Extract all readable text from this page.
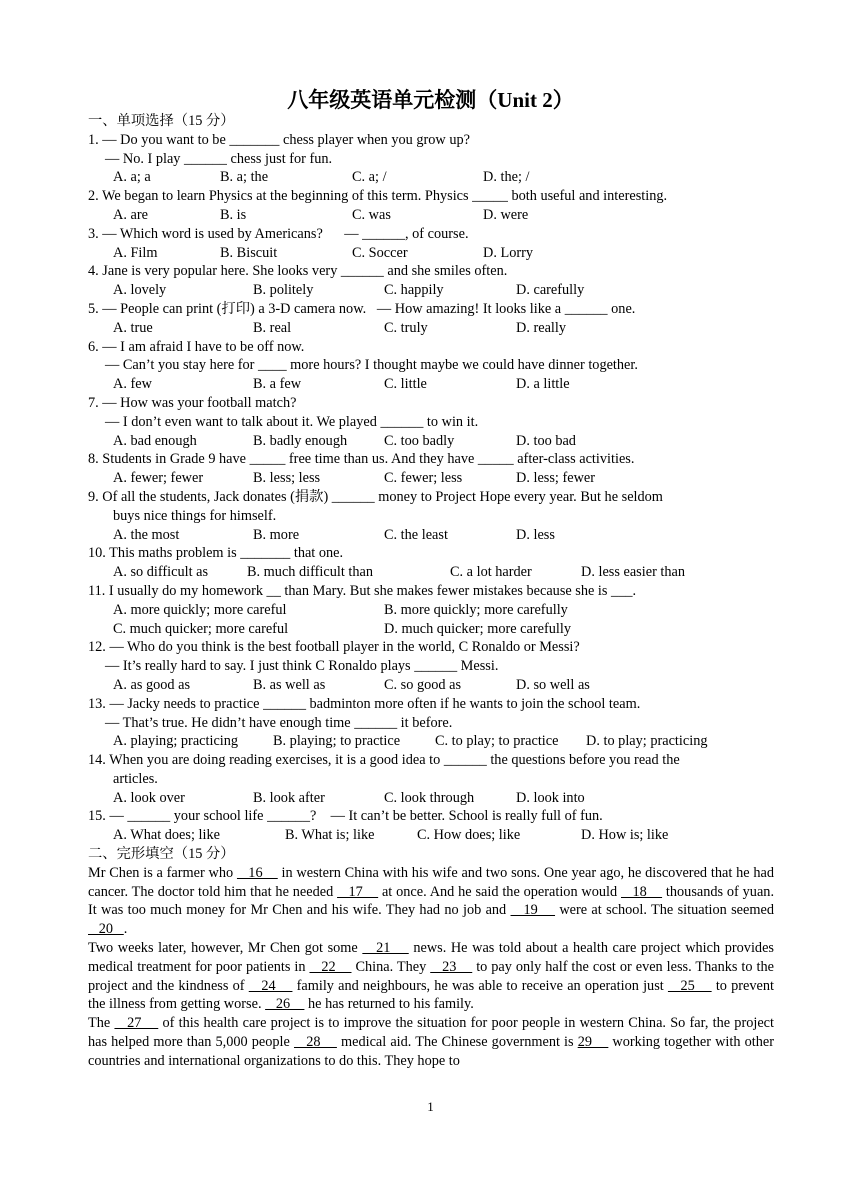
八年级英语单元检测（Unit 2）
一、单项选择（15 分）
1. — Do you want to be _______ chess player when you grow up?
— No. I play ______ chess just for fun.
A. a; a	B. a; the	C. a; /	D. the; /
2. We began to learn Physics at the beginning of this term. Physics _____ both useful and interesting.
A. are	B. is	C. was	D. were
3. — Which word is used by Americans?      — ______, of course.
A. Film	B. Biscuit	C. Soccer	D. Lorry
4. Jane is very popular here. She looks very ______ and she smiles often.
A. lovely	B. politely	C. happily	D. carefully
5. — People can print (打印) a 3-D camera now.   — How amazing! It looks like a ______ one.
A. true	B. real	C. truly	D. really
6. — I am afraid I have to be off now.
— Can’t you stay here for ____ more hours? I thought maybe we could have dinner together.
A. few	B. a few	C. little	D. a little
7. — How was your football match?
— I don’t even want to talk about it. We played ______ to win it.
A. bad enough	B. badly enough	C. too badly	D. too bad
8. Students in Grade 9 have _____ free time than us. And they have _____ after-class activities.
A. fewer; fewer	B. less; less	C. fewer; less	D. less; fewer
9. Of all the students, Jack donates (捐款) ______ money to Project Hope every year. But he seldom
buys nice things for himself.
A. the most	B. more	C. the least	D. less
10. This maths problem is _______ that one.
A. so difficult as	B. much difficult than	C. a lot harder	D. less easier than
11. I usually do my homework __ than Mary. But she makes fewer mistakes because she is ___.
A. more quickly; more careful	B. more quickly; more carefully
C. much quicker; more careful	D. much quicker; more carefully
12. — Who do you think is the best football player in the world, C Ronaldo or Messi?
— It’s really hard to say. I just think C Ronaldo plays ______ Messi.
A. as good as	B. as well as	C. so good as	D. so well as
13. — Jacky needs to practice ______ badminton more often if he wants to join the school team.
— That’s true. He didn’t have enough time ______ it before.
A. playing; practicing B. playing; to practice C. to play; to practice D. to play; practicing
14. When you are doing reading exercises, it is a good idea to ______ the questions before you read the
articles.
A. look over	B. look after	C. look through	D. look into
15. — ______ your school life ______?    — It can’t be better. School is really full of fun.
A. What does; like	B. What is; like	C. How does; like	D. How is; like
二、完形填空（15 分）
Mr Chen is a farmer who    16     in western China with his wife and two sons. One year ago, he discovered that he had cancer. The doctor told him that he needed    17     at once. And he said the operation would    18     thousands of yuan. It was too much money for Mr Chen and his wife. They had no job and    19     were at school. The situation seemed    20   .
Two weeks later, however, Mr Chen got some    21     news. He was told about a health care project which provides medical treatment for poor patients in    22     China. They    23     to pay only half the cost or even less. Thanks to the project and the kindness of    24     family and neighbours, he was able to receive an operation just    25     to prevent the illness from getting worse.    26     he has returned to his family.
The    27     of this health care project is to improve the situation for poor people in western China. So far, the project has helped more than 5,000 people    28     medical aid. The Chinese government is 29     working together with other countries and international organizations to do this. They hope to
1
